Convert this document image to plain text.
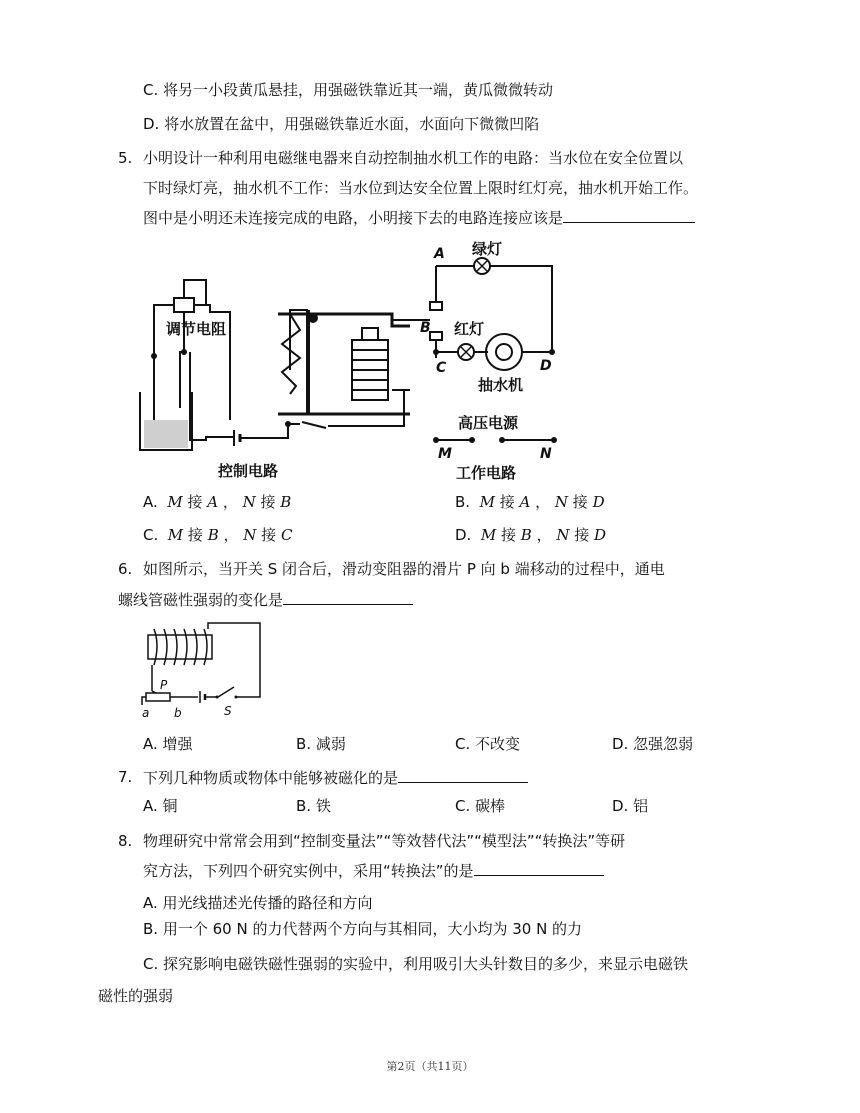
C. 将另一小段黄瓜悬挂，用强磁铁靠近其一端，黄瓜微微转动
D. 将水放置在盆中，用强磁铁靠近水面，水面向下微微凹陷
5. 小明设计一种利用电磁继电器来自动控制抽水机工作的电路：当水位在安全位置以
下时绿灯亮，抽水机不工作：当水位到达安全位置上限时红灯亮，抽水机开始工作。
图中是小明还未连接完成的电路，小明接下去的电路连接应该是
调节电阻
控制电路
绿灯
红灯
抽水机
高压电源
工作电路
A
B
C	D
M	N
A. M 接 A ， N 接 B	B. M 接 A ， N 接 D
C. M 接 B ， N 接 C	D. M 接 B ， N 接 D
6. 如图所示，当开关 S 闭合后，滑动变阻器的滑片 P 向 b 端移动的过程中，通电
螺线管磁性强弱的变化是
P
a b	S
A. 增强	B. 减弱	C. 不改变	D. 忽强忽弱
7. 下列几种物质或物体中能够被磁化的是
A. 铜	B. 铁	C. 碳棒	D. 铝
8. 物理研究中常常会用到“控制变量法”“等效替代法”“模型法”“转换法”等研
究方法，下列四个研究实例中，采用“转换法”的是
A. 用光线描述光传播的路径和方向
B. 用一个 60 N 的力代替两个方向与其相同，大小均为 30 N 的力
C. 探究影响电磁铁磁性强弱的实验中，利用吸引大头针数目的多少，来显示电磁铁
磁性的强弱
第2页（共11页）
